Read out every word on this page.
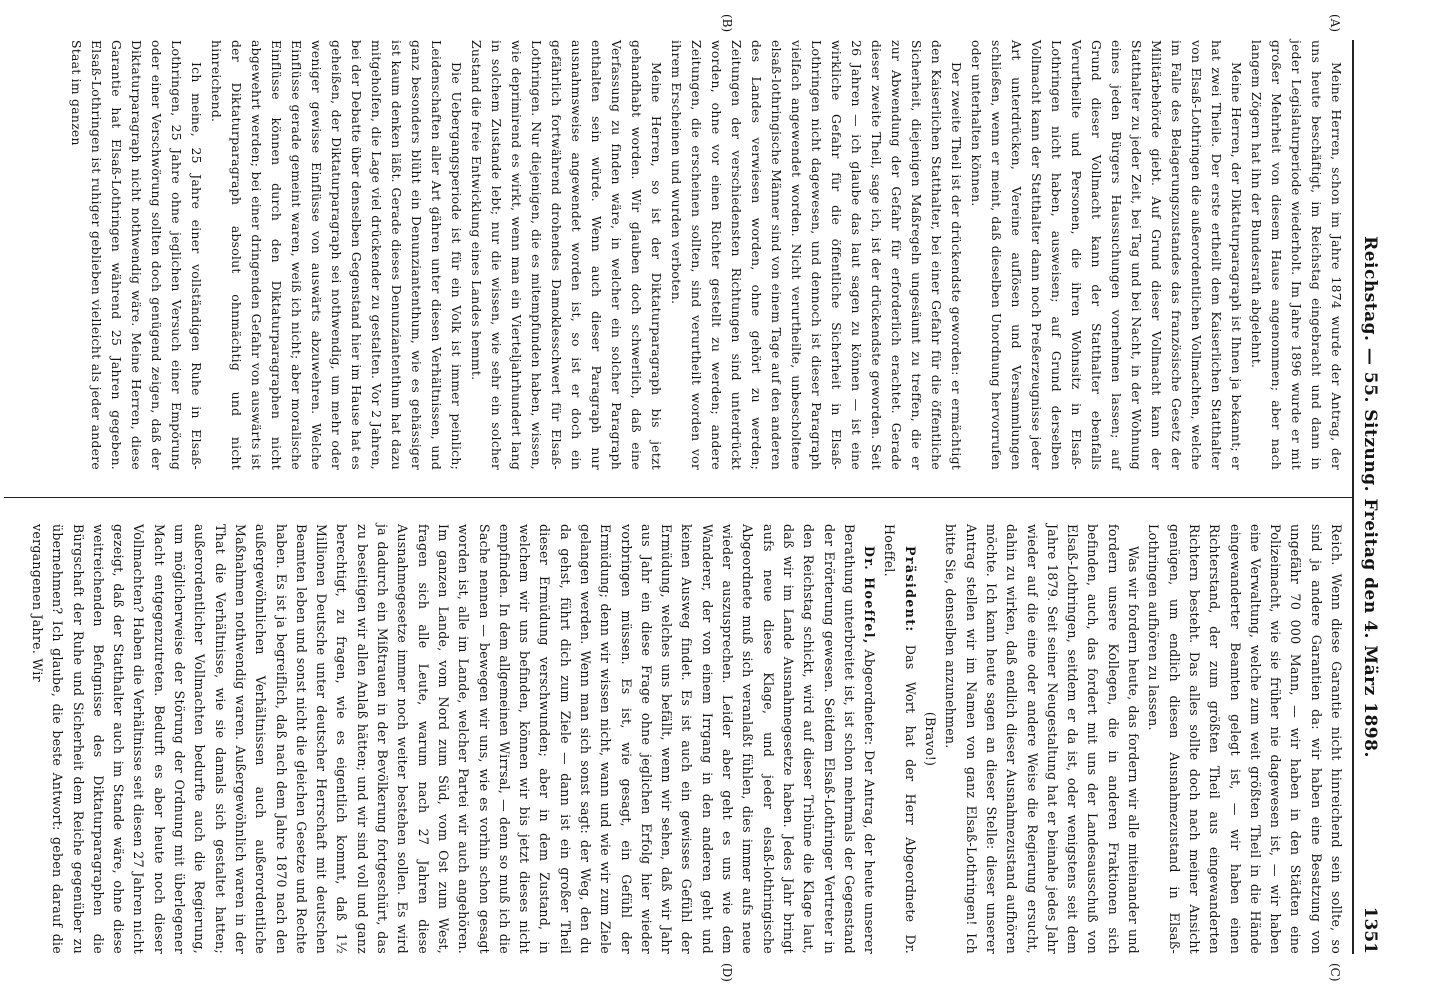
Reichstag. — 55. Sitzung. Freitag den 4. März 1898.
1351
(A)
(B)
(C)
(D)

Meine Herren, schon im Jahre 1874 wurde der Antrag, der uns heute beschäftigt, im Reichstag eingebracht und dann in jeder Legislaturperiode wiederholt. Im Jahre 1896 wurde er mit großer Mehrheit von diesem Hause angenommen; aber nach langem Zögern hat ihn der Bundesrath abgelehnt.

Meine Herren, der Diktaturparagraph ist Ihnen ja bekannt; er hat zwei Theile. Der erste ertheilt dem Kaiserlichen Statthalter von Elsaß-Lothringen die außerordentlichen Vollmachten, welche im Falle des Belagerungszustandes das französische Gesetz der Militärbehörde giebt. Auf Grund dieser Vollmacht kann der Statthalter zu jeder Zeit, bei Tag und bei Nacht, in der Wohnung eines jeden Bürgers Haussuchungen vornehmen lassen; auf Grund dieser Vollmacht kann der Statthalter ebenfalls Verurtheilte und Personen, die ihren Wohnsitz in Elsaß-Lothringen nicht haben, ausweisen; auf Grund derselben Vollmacht kann der Statthalter dann noch Preßerzeugnisse jeder Art unterdrücken, Vereine auflösen und Versammlungen schließen, wenn er meint, daß dieselben Unordnung hervorrufen oder unterhalten können.

Der zweite Theil ist der drückendste geworden: er ermächtigt den Kaiserlichen Statthalter, bei einer Gefahr für die öffentliche Sicherheit, diejenigen Maßregeln ungesäumt zu treffen, die er zur Abwendung der Gefahr für erforderlich erachtet. Gerade dieser zweite Theil, sage ich, ist der drückendste geworden. Seit 26 Jahren — ich glaube das laut sagen zu können — ist eine wirkliche Gefahr für die öffentliche Sicherheit in Elsaß-Lothringen nicht dagewesen, und dennoch ist dieser Paragraph vielfach angewendet worden. Nicht verurtheilte, unbescholtene elsaß-lothringische Männer sind von einem Tage auf den anderen des Landes verwiesen worden, ohne gehört zu werden; Zeitungen der verschiedensten Richtungen sind unterdrückt worden, ohne vor einen Richter gestellt zu werden; andere Zeitungen, die erscheinen sollten, sind verurtheilt worden vor ihrem Erscheinen und wurden verboten.

Meine Herren, so ist der Diktaturparagraph bis jetzt gehandhabt worden. Wir glauben doch schwerlich, daß eine Verfassung zu finden wäre, in welcher ein solcher Paragraph enthalten sein würde. Wenn auch dieser Paragraph nur ausnahmsweise angewendet worden ist, so ist er doch ein gefährlich fortwährend drohendes Damoklesschwert für Elsaß-Lothringen. Nur diejenigen, die es mitempfunden haben, wissen, wie deprimirend es wirkt, wenn man ein Vierteljahrhundert lang in solchem Zustande lebt; nur die wissen, wie sehr ein solcher Zustand die freie Entwicklung eines Landes hemmt.

Die Uebergangsperiode ist für ein Volk ist immer peinlich; Leidenschaften aller Art gähren unter diesen Verhältnissen, und ganz besonders blüht ein Denunziantenthum, wie es gehässiger ist kaum denken läßt. Gerade dieses Denunziantenthum hat dazu mitgeholfen, die Lage viel drückender zu gestalten. Vor 2 Jahren, bei der Debatte über denselben Gegenstand hier im Hause hat es geheißen, der Diktaturparagraph sei nothwendig, um mehr oder weniger gewisse Einflüsse von auswärts abzuwehren. Welche Einflüsse gerade gemeint waren, weiß ich nicht; aber moralische Einflüsse können durch den Diktaturparagraphen nicht abgewehrt werden; bei einer dringenden Gefahr von auswärts ist der Diktaturparagraph absolut ohnmächtig und nicht hinreichend.

Ich meine, 25 Jahre einer vollständigen Ruhe in Elsaß-Lothringen, 25 Jahre ohne jeglichen Versuch einer Empörung oder einer Verschwörung sollten doch genügend zeigen, daß der Diktaturparagraph nicht nothwendig wäre. Meine Herren, diese Garantie hat Elsaß-Lothringen während 25 Jahren gegeben. Elsaß-Lothringen ist ruhiger geblieben vielleicht als jeder andere Staat im ganzen

Reich. Wenn diese Garantie nicht hinreichend sein sollte, so sind ja andere Garantien da: wir haben eine Besatzung von ungefähr 70 000 Mann, — wir haben in den Städten eine Polizeimacht, wie sie früher nie dagewesen ist, — wir haben eine Verwaltung, welche zum weit größten Theil in die Hände eingewanderter Beamten gelegt ist, — wir haben einen Richterstand, der zum größten Theil aus eingewanderten Richtern besteht. Das alles sollte doch nach meiner Ansicht genügen, um endlich diesen Ausnahmezustand in Elsaß-Lothringen aufhören zu lassen.

Was wir fordern heute, das fordern wir alle miteinander und fordern unsere Kollegen, die in anderen Fraktionen sich befinden, auch, das fordert mit uns der Landesausschuß von Elsaß-Lothringen, seitdem er da ist, oder wenigstens seit dem Jahre 1879. Seit seiner Neugestaltung hat er beinahe jedes Jahr wieder auf die eine oder andere Weise die Regierung ersucht, dahin zu wirken, daß endlich dieser Ausnahmezustand aufhören möchte. Ich kann heute sagen an dieser Stelle: dieser unserer Antrag stellen wir im Namen von ganz Elsaß-Lothringen! Ich bitte Sie, denselben anzunehmen.

(Bravo!)

Präsident: Das Wort hat der Herr Abgeordnete Dr. Hoeffel.

Dr. Hoeffel, Abgeordneter: Der Antrag, der heute unserer Berathung unterbreitet ist, ist schon mehrmals der Gegenstand der Erörterung gewesen. Seitdem Elsaß-Lothringer Vertreter in den Reichstag schickt, wird auf dieser Tribüne die Klage laut, daß wir im Lande Ausnahmegesetze haben. Jedes Jahr bringt aufs neue diese Klage, und jeder elsaß-lothringische Abgeordnete muß sich veranlaßt fühlen, dies immer aufs neue wieder auszusprechen. Leider aber geht es uns wie dem Wanderer, der von einem Irrgang in den anderen geht und keinen Ausweg findet. Es ist auch ein gewisses Gefühl der Ermüdung, welches uns befällt, wenn wir sehen, daß wir Jahr aus Jahr ein diese Frage ohne jeglichen Erfolg hier wieder vorbringen müssen. Es ist, wie gesagt, ein Gefühl der Ermüdung; denn wir wissen nicht, wann und wie wir zum Ziele gelangen werden. Wenn man sich sonst sagt: der Weg, den du da gehst, führt dich zum Ziele — dann ist ein großer Theil dieser Ermüdung verschwunden; aber in dem Zustand, in welchem wir uns befinden, können wir bis jetzt dieses nicht empfinden. In dem allgemeinen Wirrsal, — denn so muß ich die Sache nennen — bewegen wir uns, wie es vorhin schon gesagt worden ist, alle im Lande, welcher Partei wir auch angehören. Im ganzen Lande, vom Nord zum Süd, vom Ost zum West, fragen sich alle Leute, warum nach 27 Jahren diese Ausnahmegesetze immer noch weiter bestehen sollen. Es wird ja dadurch ein Mißtrauen in der Bevölkerung fortgeschürt, das zu beseitigen wir allen Anlaß hätten; und wir sind voll und ganz berechtigt, zu fragen, wie es eigentlich kommt, daß 1½ Millionen Deutsche unter deutscher Herrschaft mit deutschen Beamten leben und sonst nicht die gleichen Gesetze und Rechte haben. Es ist ja begreiflich, daß nach dem Jahre 1870 nach den außergewöhnlichen Verhältnissen auch außerordentliche Maßnahmen nothwendig waren. Außergewöhnlich waren in der That die Verhältnisse, wie sie damals sich gestaltet hatten; außerordentlicher Vollmachten bedurfte auch die Regierung, um möglicherweise der Störung der Ordnung mit überlegener Macht entgegenzutreten. Bedurft es aber heute noch dieser Vollmachten? Haben die Verhältnisse seit diesen 27 Jahren nicht gezeigt, daß der Statthalter auch im Stande wäre, ohne diese weitreichenden Befugnisse des Diktaturparagraphen die Bürgschaft der Ruhe und Sicherheit dem Reiche gegenüber zu übernehmen? Ich glaube, die beste Antwort: geben darauf die vergangenen Jahre. Wir
